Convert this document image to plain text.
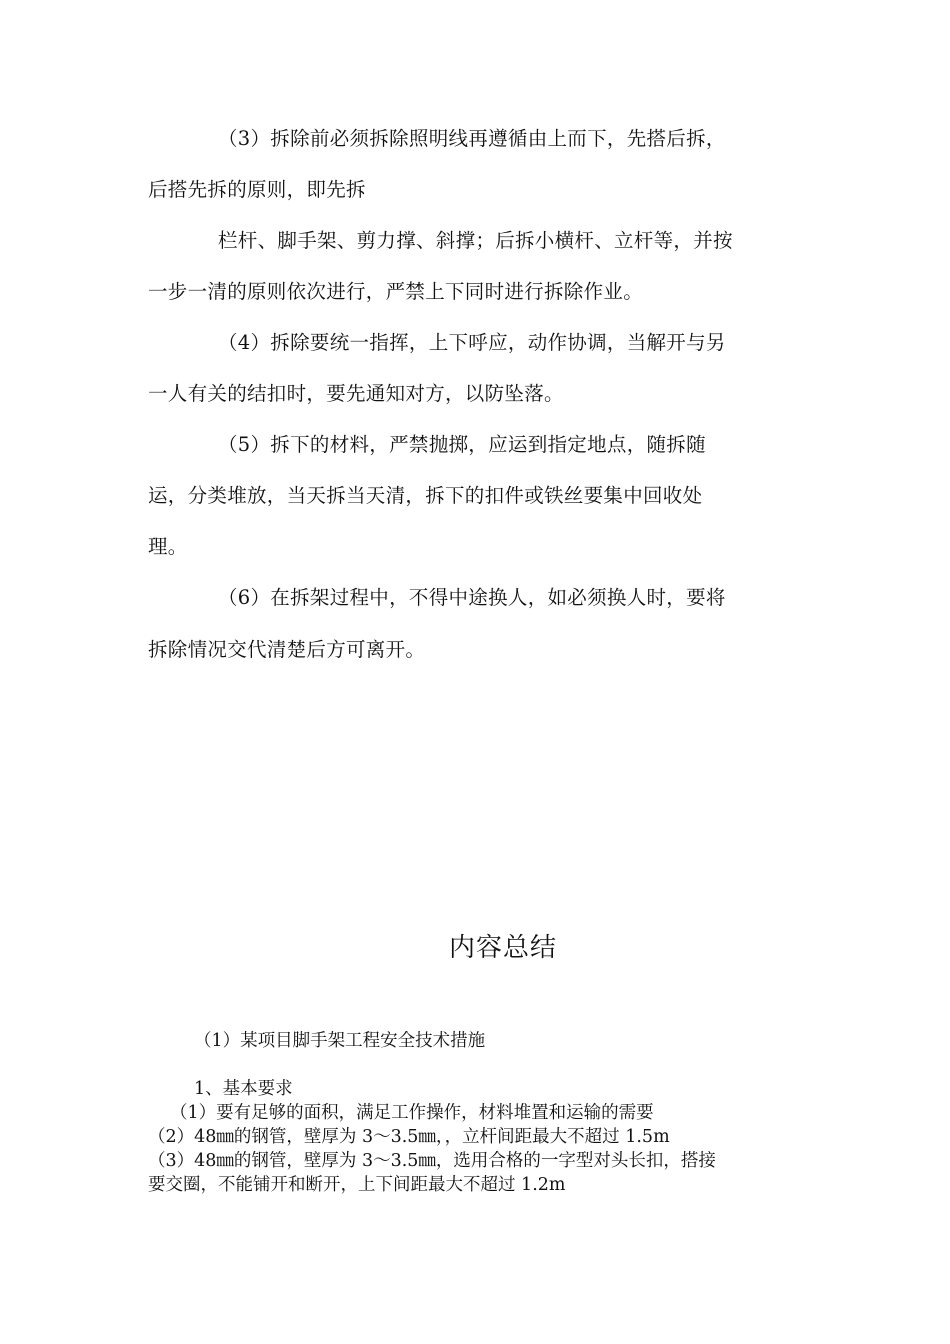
（3）拆除前必须拆除照明线再遵循由上而下，先搭后拆，
后搭先拆的原则，即先拆
栏杆、脚手架、剪力撑、斜撑；后拆小横杆、立杆等，并按
一步一清的原则依次进行，严禁上下同时进行拆除作业。
（4）拆除要统一指挥，上下呼应，动作协调，当解开与另
一人有关的结扣时，要先通知对方，以防坠落。
（5）拆下的材料，严禁抛掷，应运到指定地点，随拆随
运，分类堆放，当天拆当天清，拆下的扣件或铁丝要集中回收处
理。
（6）在拆架过程中，不得中途换人，如必须换人时，要将
拆除情况交代清楚后方可离开。
内容总结
（1）某项目脚手架工程安全技术措施
1、基本要求
（1）要有足够的面积，满足工作操作，材料堆置和运输的需要
（2）48㎜的钢管，壁厚为 3～3.5㎜，，立杆间距最大不超过 1.5m
（3）48㎜的钢管，壁厚为 3～3.5㎜，选用合格的一字型对头长扣，搭接
要交圈，不能铺开和断开，上下间距最大不超过 1.2m
